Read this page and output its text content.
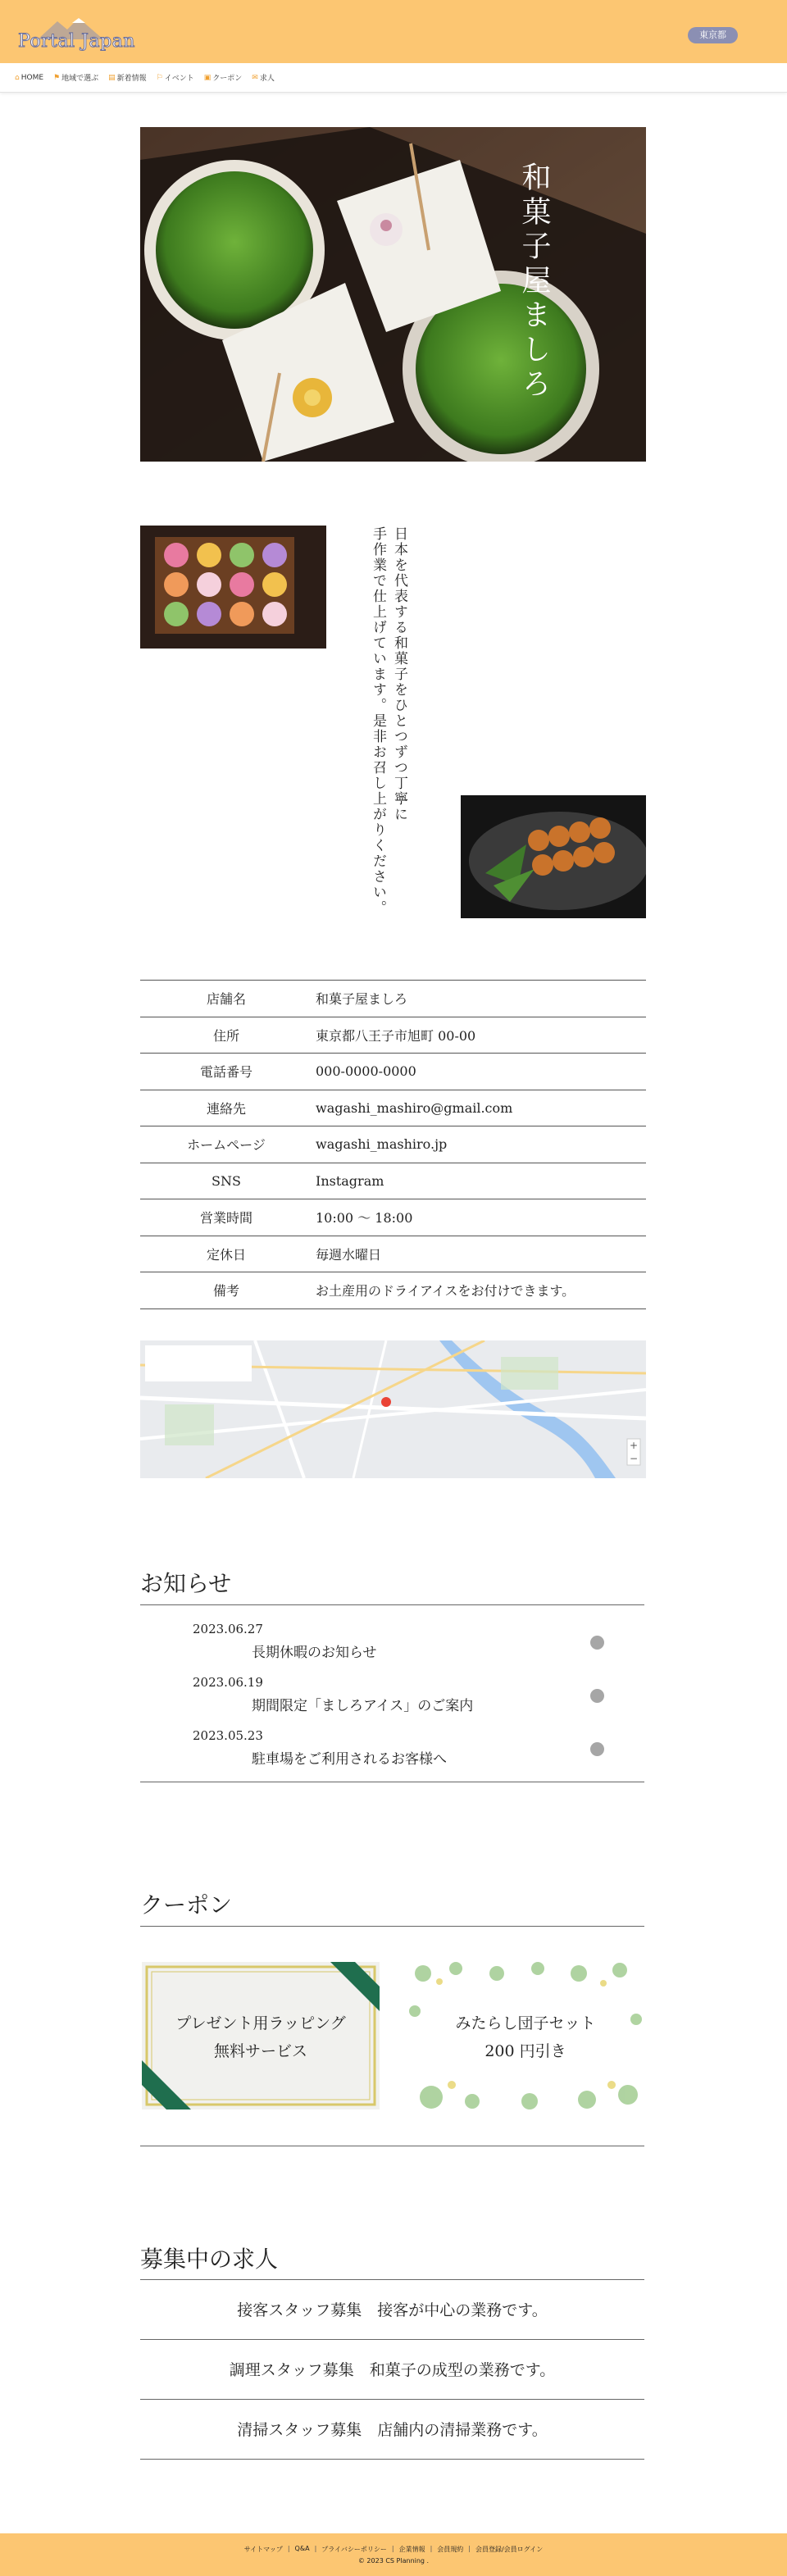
Portal Japan	東京都
⌂ HOME ⚑ 地域で選ぶ ▤ 新着情報 ⚐ イベント ▣ クーポン ✉ 求人
和菓子屋ましろ
日本を代表する和菓子をひとつずつ丁寧に
手作業で仕上げています。是非お召し上がりください。
店舗名	和菓子屋ましろ
住所	東京都八王子市旭町 00-00
電話番号	000-0000-0000
連絡先	wagashi_mashiro@gmail.com
ホームページ	wagashi_mashiro.jp
SNS	Instagram
営業時間	10:00 ～ 18:00
定休日	毎週水曜日
備考	お土産用のドライアイスをお付けできます。
+
−
お知らせ
2023.06.27
長期休暇のお知らせ
2023.06.19
期間限定「ましろアイス」のご案内
2023.05.23
駐車場をご利用されるお客様へ
クーポン
プレゼント用ラッピング
無料サービス
みたらし団子セット
200 円引き
募集中の求人
接客スタッフ募集　接客が中心の業務です。
調理スタッフ募集　和菓子の成型の業務です。
清掃スタッフ募集　店舗内の清掃業務です。
サイトマップ | Q&A | プライバシーポリシー | 企業情報 | 会員規約 | 会員登録/会員ログイン
© 2023 CS Planning .
